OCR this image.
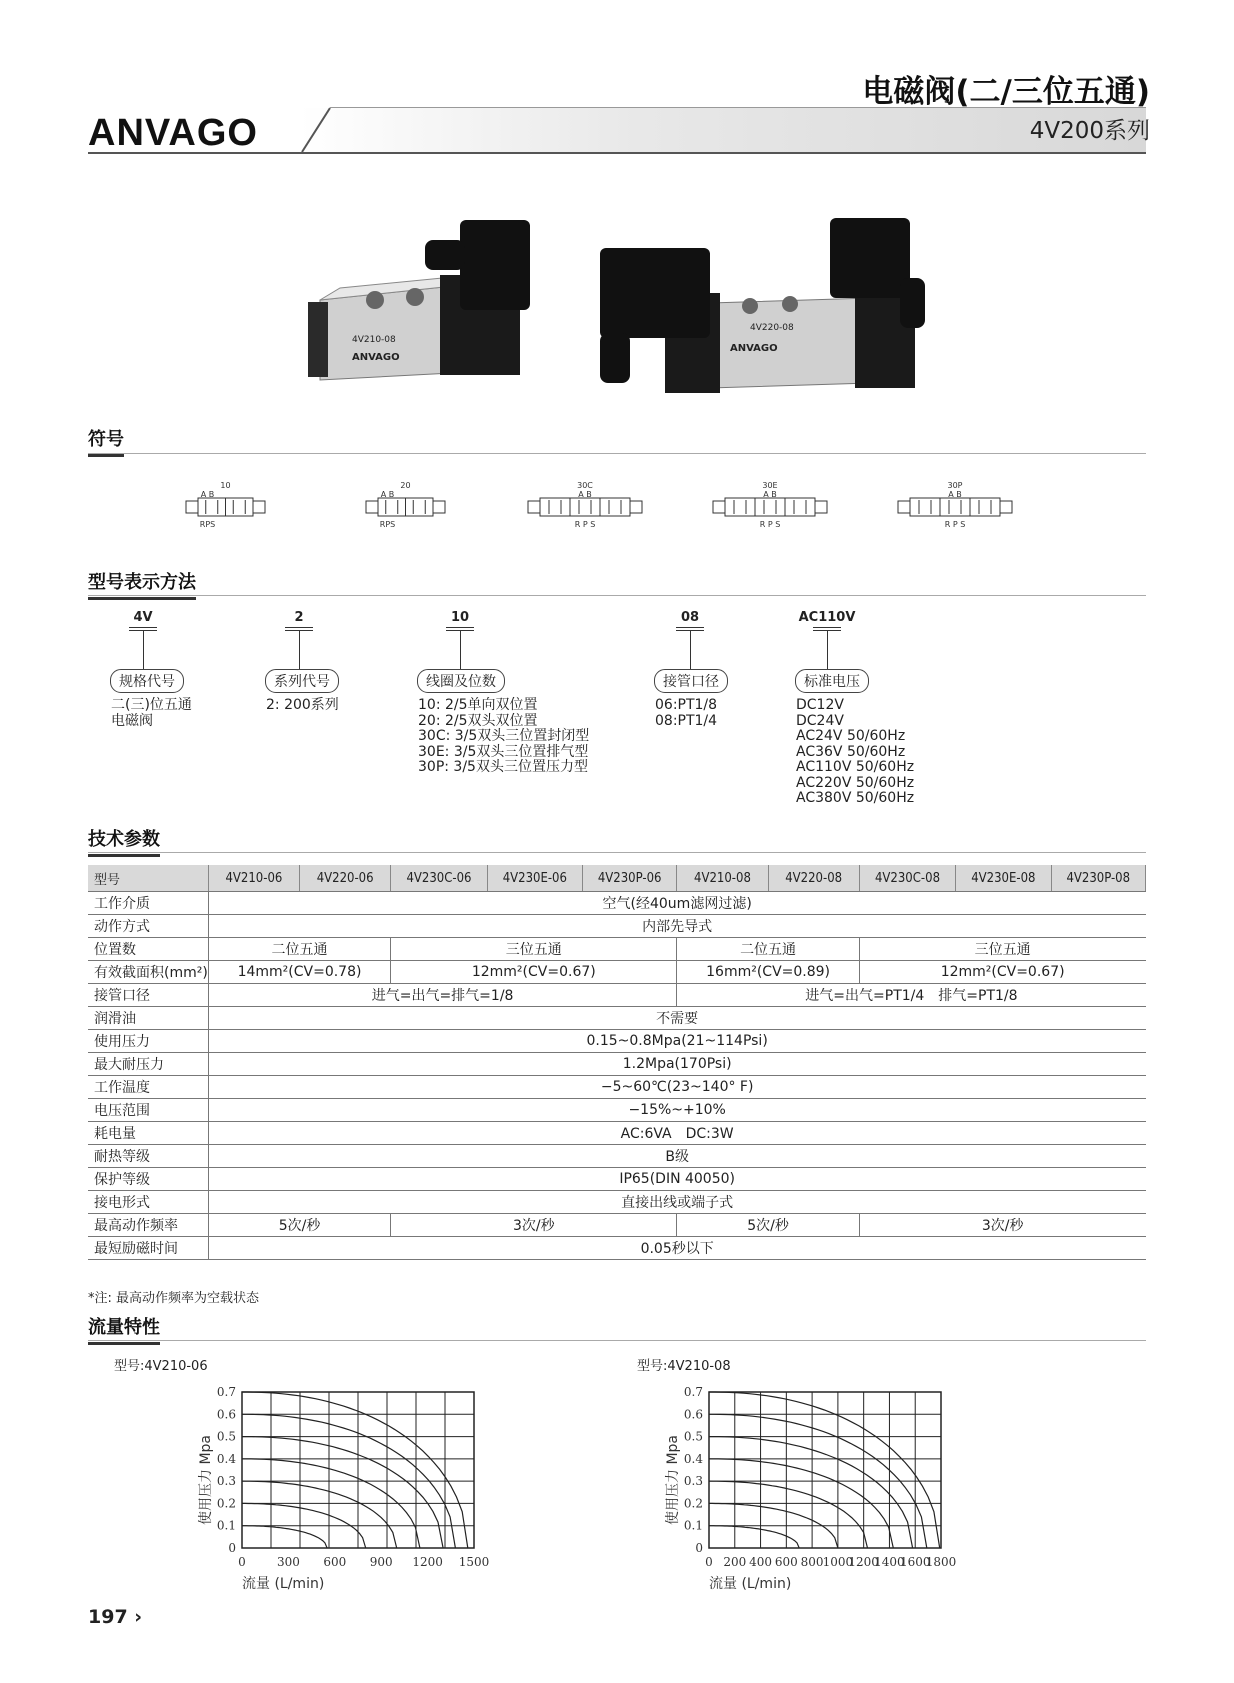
ANVAGO
电磁阀(二/三位五通)
4V200系列
4V210-08
ANVAGO
4V220-08
ANVAGO
符号
10
A B
RPS
20
A B
RPS
30C
A B
R P S
30E
A B
R P S
30P
A B
R P S
型号表示方法
4V
规格代号
二(三)位五通
电磁阀
2
系列代号
2: 200系列
10
线圈及位数
10: 2/5单向双位置
20: 2/5双头双位置
30C: 3/5双头三位置封闭型
30E: 3/5双头三位置排气型
30P: 3/5双头三位置压力型
08
接管口径
06:PT1/8
08:PT1/4
AC110V
标准电压
DC12V
DC24V
AC24V 50/60Hz
AC36V 50/60Hz
AC110V 50/60Hz
AC220V 50/60Hz
AC380V 50/60Hz
技术参数
型号	4V210-06	4V220-06	4V230C-06	4V230E-06	4V230P-06	4V210-08	4V220-08	4V230C-08	4V230E-08	4V230P-08
工作介质	空气(经40um滤网过滤)									
动作方式	内部先导式									
位置数	二位五通		三位五通			二位五通		三位五通		
有效截面积(mm²)	14mm²(CV=0.78)		12mm²(CV=0.67)			16mm²(CV=0.89)		12mm²(CV=0.67)		
接管口径	进气=出气=排气=1/8					进气=出气=PT1/4　排气=PT1/8				
润滑油	不需要									
使用压力	0.15~0.8Mpa(21~114Psi)									
最大耐压力	1.2Mpa(170Psi)									
工作温度	−5~60℃(23~140° F)									
电压范围	−15%~+10%									
耗电量	AC:6VA　DC:3W									
耐热等级	B级									
保护等级	IP65(DIN 40050)									
接电形式	直接出线或端子式									
最高动作频率	5次/秒		3次/秒			5次/秒		3次/秒		
最短励磁时间	0.05秒以下									
*注: 最高动作频率为空载状态
流量特性
型号:4V210-06	型号:4V210-08
0
0.1
0.2
0.3
0.4
0.5
0.6
0.7
0	300 600 900 1200 1500
使用压力 Mpa
流量 (L/min)
0
0.1
0.2
0.3
0.4
0.5
0.6
0.7
0 200 400 600 800 1000
1200
1400
1600
1800
使用压力 Mpa
流量 (L/min)
197 ›
